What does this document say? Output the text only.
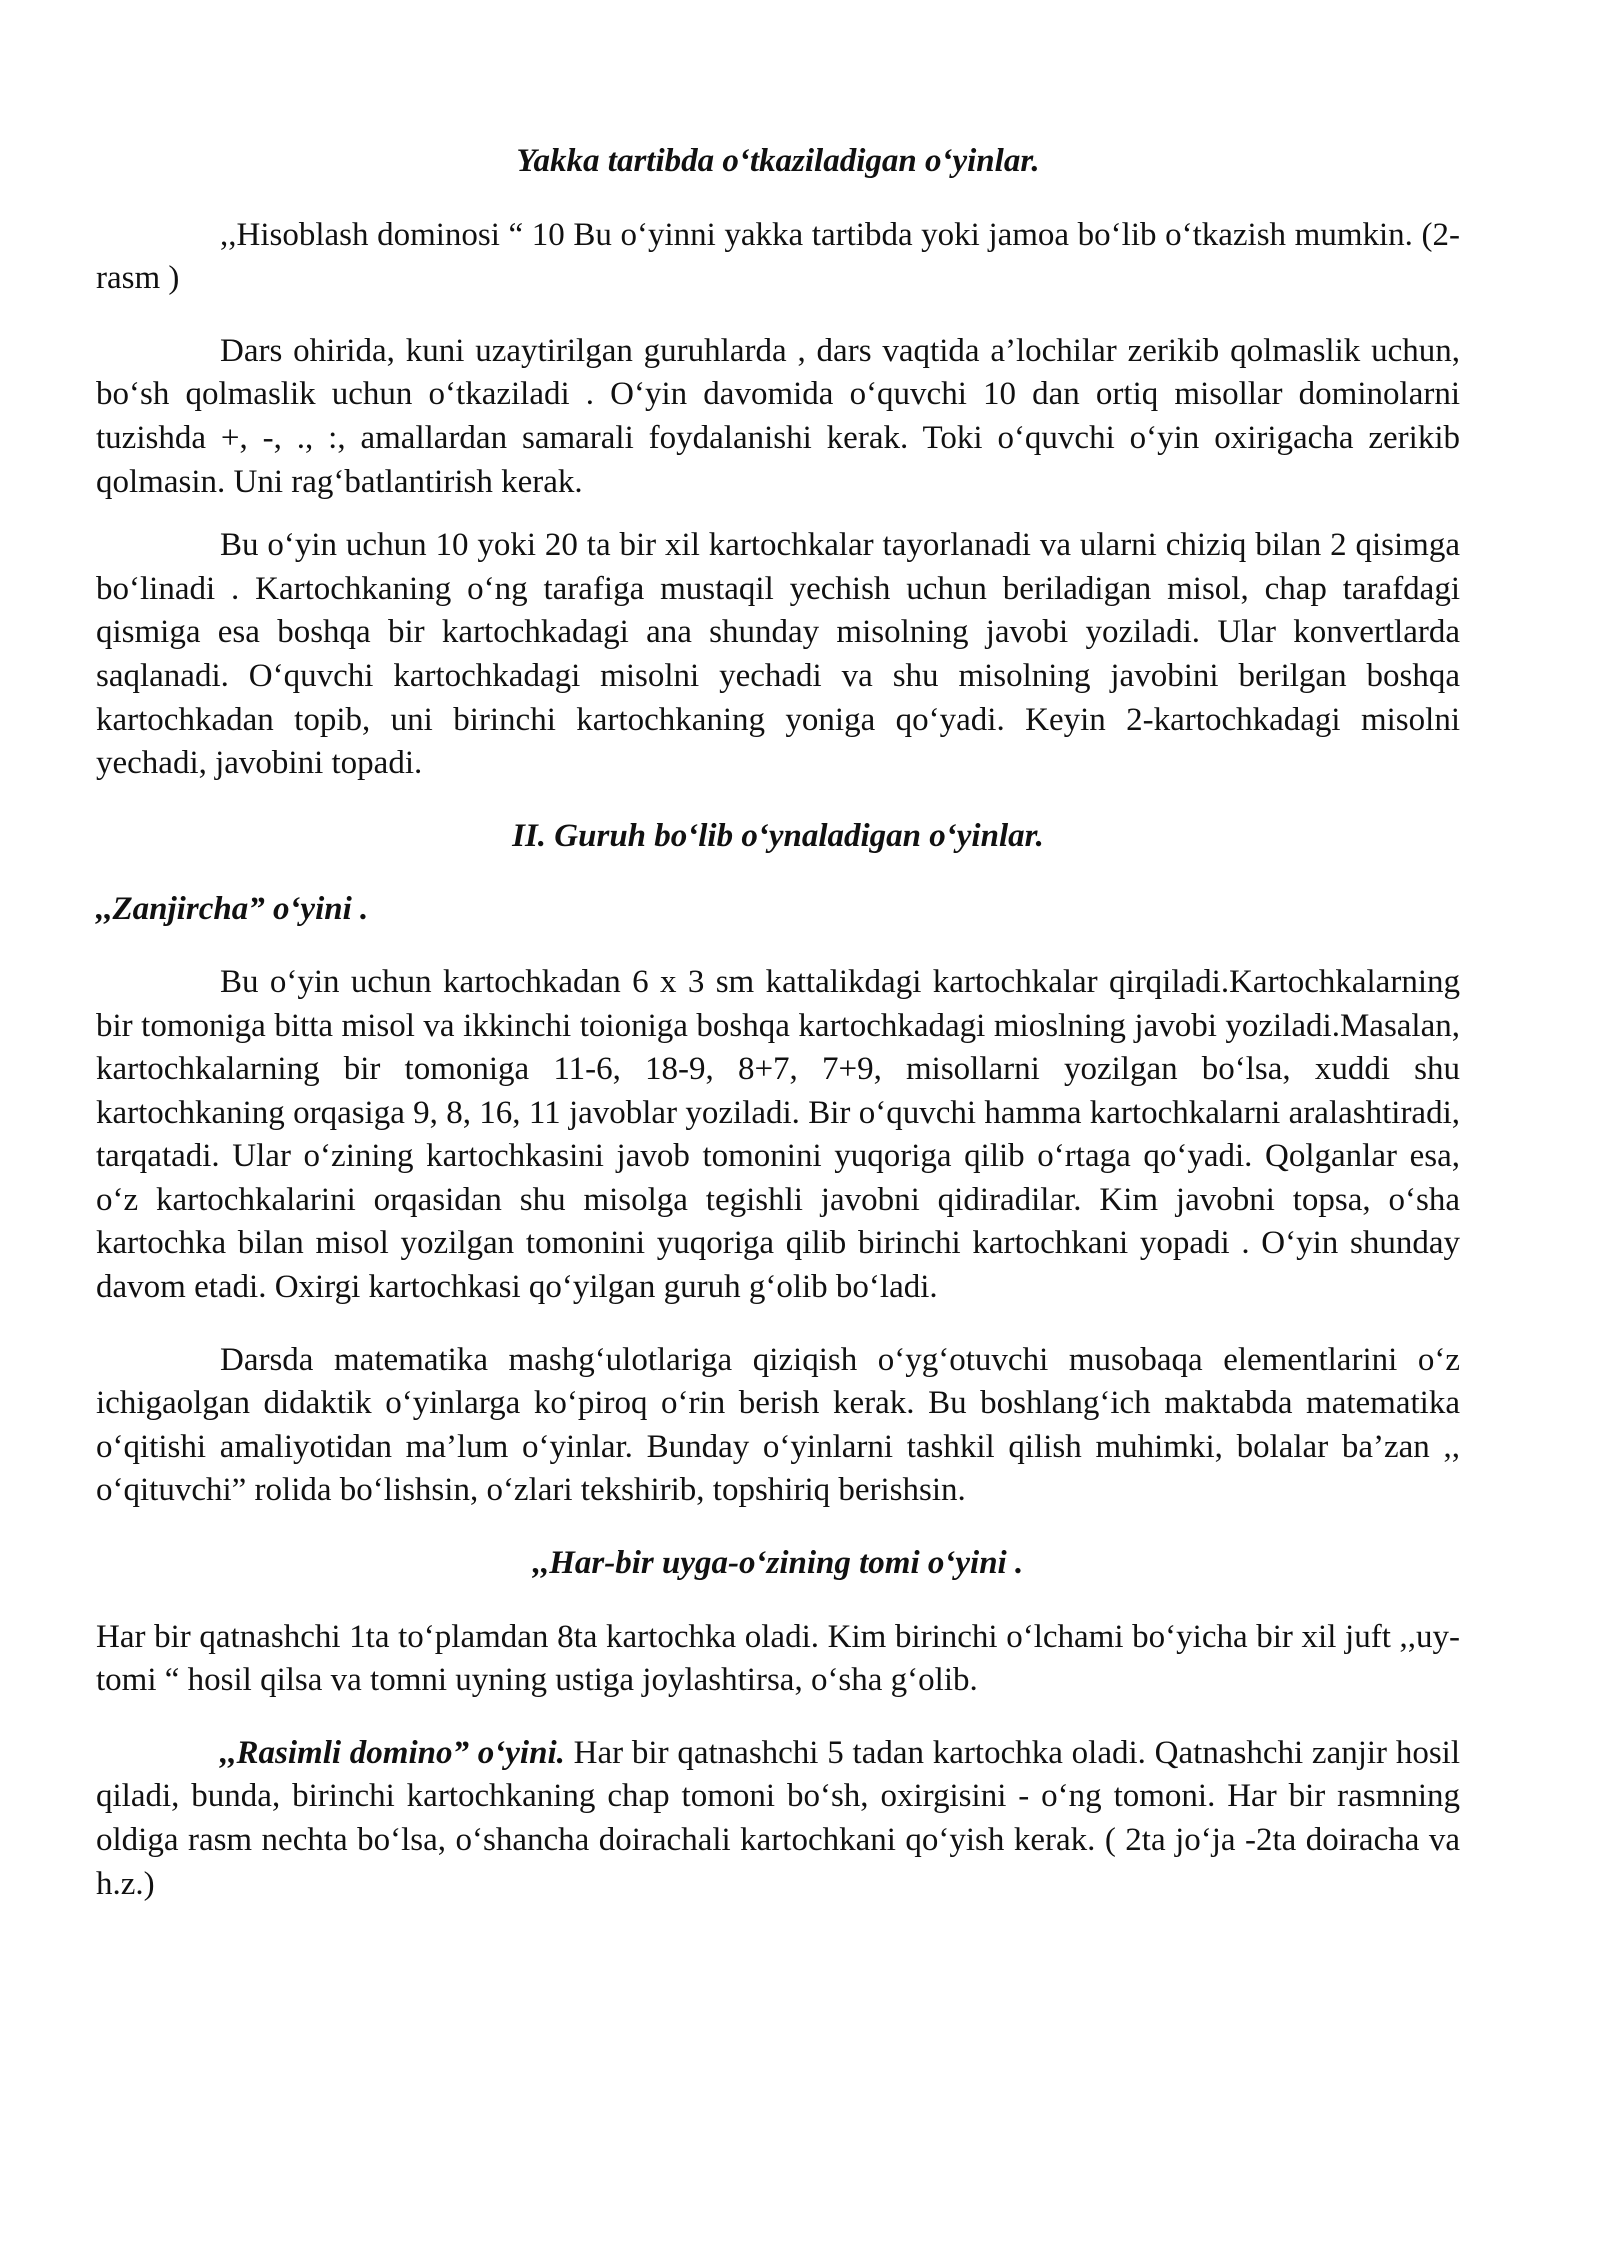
Yakka tartibda o‘tkaziladigan o‘yinlar.

,,Hisoblash dominosi “ 10 Bu o‘yinni yakka tartibda yoki jamoa bo‘lib o‘tkazish mumkin. (2- rasm )

Dars ohirida, kuni uzaytirilgan guruhlarda , dars vaqtida a’lochilar zerikib qolmaslik uchun, bo‘sh qolmaslik uchun o‘tkaziladi . O‘yin davomida o‘quvchi 10 dan ortiq misollar dominolarni tuzishda +, -, ., :, amallardan samarali foydalanishi kerak. Toki o‘quvchi o‘yin oxirigacha zerikib qolmasin. Uni rag‘batlantirish kerak.

Bu o‘yin uchun 10 yoki 20 ta bir xil kartochkalar tayorlanadi va ularni chiziq bilan 2 qisimga bo‘linadi . Kartochkaning o‘ng tarafiga mustaqil yechish uchun beriladigan misol, chap tarafdagi qismiga esa boshqa bir kartochkadagi ana shunday misolning javobi yoziladi. Ular konvertlarda saqlanadi. O‘quvchi kartochkadagi misolni yechadi va shu misolning javobini berilgan boshqa kartochkadan topib, uni birinchi kartochkaning yoniga qo‘yadi. Keyin 2-kartochkadagi misolni yechadi, javobini topadi.

II. Guruh bo‘lib o‘ynaladigan o‘yinlar.

,,Zanjircha” o‘yini .

Bu o‘yin uchun kartochkadan 6 x 3 sm kattalikdagi kartochkalar qirqiladi.Kartochkalarning bir tomoniga bitta misol va ikkinchi toioniga boshqa kartochkadagi mioslning javobi yoziladi.Masalan, kartochkalarning bir tomoniga 11-6, 18-9, 8+7, 7+9, misollarni yozilgan bo‘lsa, xuddi shu kartochkaning orqasiga 9, 8, 16, 11 javoblar yoziladi. Bir o‘quvchi hamma kartochkalarni aralashtiradi, tarqatadi. Ular o‘zining kartochkasini javob tomonini yuqoriga qilib o‘rtaga qo‘yadi. Qolganlar esa, o‘z kartochkalarini orqasidan shu misolga tegishli javobni qidiradilar. Kim javobni topsa, o‘sha kartochka bilan misol yozilgan tomonini yuqoriga qilib birinchi kartochkani yopadi . O‘yin shunday davom etadi. Oxirgi kartochkasi qo‘yilgan guruh g‘olib bo‘ladi.

Darsda matematika mashg‘ulotlariga qiziqish o‘yg‘otuvchi musobaqa elementlarini o‘z ichigaolgan didaktik o‘yinlarga ko‘piroq o‘rin berish kerak. Bu boshlang‘ich maktabda matematika o‘qitishi amaliyotidan ma’lum o‘yinlar. Bunday o‘yinlarni tashkil qilish muhimki, bolalar ba’zan ,, o‘qituvchi” rolida bo‘lishsin, o‘zlari tekshirib, topshiriq berishsin.

,,Har-bir uyga-o‘zining tomi o‘yini .

Har bir qatnashchi 1ta to‘plamdan 8ta kartochka oladi. Kim birinchi o‘lchami bo‘yicha bir xil juft ,,uy-tomi “ hosil qilsa va tomni uyning ustiga joylashtirsa, o‘sha g‘olib.

,,Rasimli domino” o‘yini. Har bir qatnashchi 5 tadan kartochka oladi. Qatnashchi zanjir hosil qiladi, bunda, birinchi kartochkaning chap tomoni bo‘sh, oxirgisini - o‘ng tomoni. Har bir rasmning oldiga rasm nechta bo‘lsa, o‘shancha doirachali kartochkani qo‘yish kerak. ( 2ta jo‘ja -2ta doiracha va h.z.)
